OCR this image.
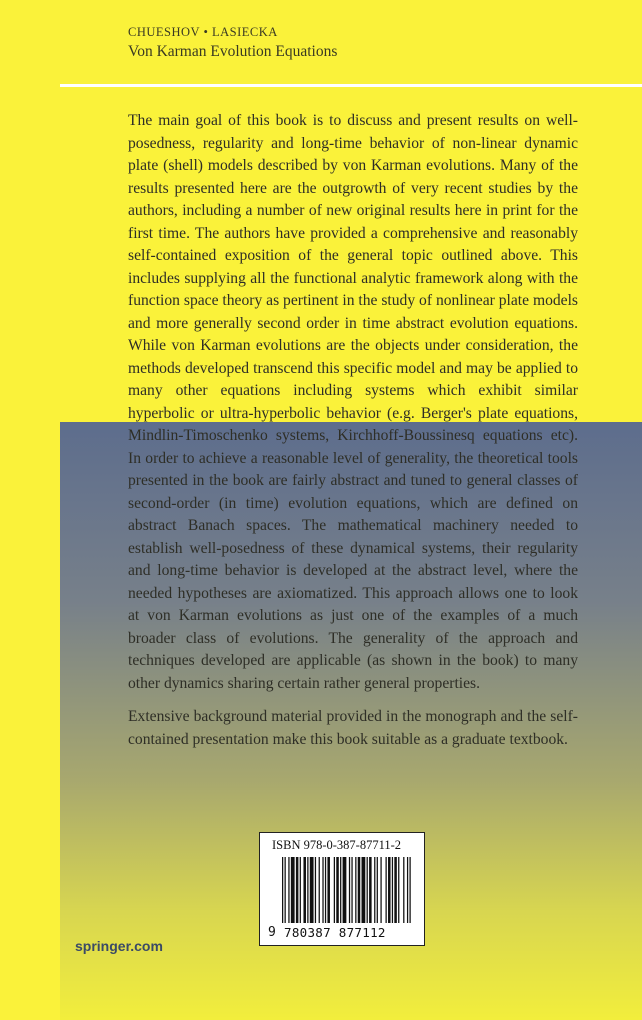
CHUESHOV • LASIECKA
Von Karman Evolution Equations

The main goal of this book is to discuss and present results on well-posedness, regularity and long-time behavior of non-linear dynamic plate (shell) models described by von Karman evolutions. Many of the results presented here are the outgrowth of very recent studies by the authors, including a number of new original results here in print for the first time. The authors have provided a comprehensive and reasonably self-contained exposition of the general topic outlined above. This includes supplying all the functional analytic framework along with the function space theory as pertinent in the study of nonlinear plate models and more generally second order in time abstract evolution equations. While von Karman evolutions are the objects under consideration, the methods developed transcend this specific model and may be applied to many other equations including systems which exhibit similar hyperbolic or ultra-hyperbolic behavior (e.g. Berger's plate equations, Mindlin-Timoschenko systems, Kirchhoff-Boussinesq equations etc). In order to achieve a reasonable level of generality, the theoretical tools presented in the book are fairly abstract and tuned to general classes of second-order (in time) evolution equations, which are defined on abstract Banach spaces. The mathematical machinery needed to establish well-posedness of these dynamical systems, their regularity and long-time behavior is developed at the abstract level, where the needed hypotheses are axiomatized. This approach allows one to look at von Karman evolutions as just one of the examples of a much broader class of evolutions. The generality of the approach and techniques developed are applicable (as shown in the book) to many other dynamics sharing certain rather general properties.

Extensive background material provided in the monograph and the self-contained presentation make this book suitable as a graduate textbook.

ISBN 978-0-387-87711-2
9 780387 877112
springer.com
